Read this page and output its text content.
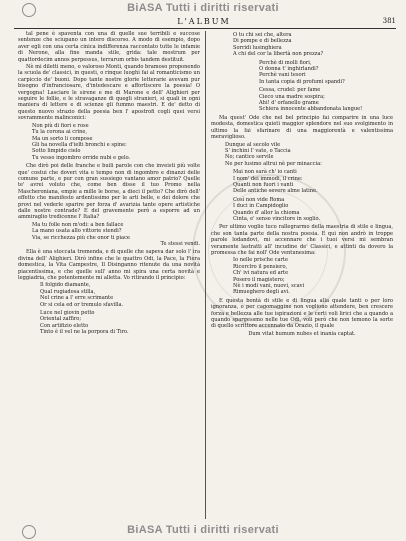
BiASA Tutti i diritti riservati
L'ALBUM	381

tal pene è spaventa con una di quelle sue terribili e succose sentenze che sciupano un intero discorso. A modo di esempio, dopo aver egli con una certa cinica indifferenza raccontato tutte le infamie di Nerone, alla fine manda stile, grida: tale mostrum per quattordecim annos perpessus, terrarum orbis tandem destituit.

Nè mi diletti meno, o valoroso Monti, quando bramoso proponendo la scuola de' classici, in questi, o rinque luoghi fai al romanticismo un carpiccio de' buoni. Dopo tante nostre glorie letterarie avevam pur bisogno d'infranciosare, d'intedescare e affortiscere la poesia! O vergogna! Lasciare le sirene e me di Marone e dell' Alighieri per seguire le follie, e le stravaganze di quegli stranieri, si quali in ogni maniera di lettere e di scienze gli fummo maestri. E de' detto di questo nuovo strazio della poesia ben l' apostrofi cogli quei versi sovrammente malinconici:

Non più di fiori e rose
Tu la corona ai crine,
Ma un sorto li compose
Gli ha novella d'ielti bronchi e spine:
Sotto limpido cielo
Tu vesso ingombro orride nubi e gelo.

Che dirò poi delle franche e buili parole con che inveisti più volte que' costui che doveri vita e tempo non di ingombro e dinanzi delle comune parte, e pur con gran sussiego vantano amor patrio? Quelle te' avrei voluto che, come ben disse il tuo Promo nella Mascheroniana, empie a mille le borse, a dieci il petto? Che dirò dell' effetto che manifesto ardentissimo per le arti belle, e dei dolore che provi nel vederle sparire per forza d' avarizia tante opere artistiche dalle nostre contrade? E del gravemente però a esporre ad un ammiraglio tredicenne l' Italia?

Ma tu folle non m'odi: a ben fallace
La mano usata allo vittorie stendi?
Via, se ricchezza più che onor ti piace
Te stessi vendi.

Ella è una stoccata tremenda, e di quelle che sapeva dar solo l' ira divina dell' Alighieri. Dirò infine che le quattro Odi, la Pace, la Fiera domestica, la Vita Campestre, Il Disinganno ritenute da una novità piacentissima, e che quelle sull' anno mi spira una certa novità e leggiadria, che potentemente mi alletta. Vo ritirando il principio:

Il folgido diamante,
Qual rugiadosa stilla,
Nel crine a l' erre scrimante
Or si cela ed or tremulo sfavilla.
Luce nel giovin petto
Oriental zaffiro;
Con artifizio eletto
Tinto è il vel ne la porpora di Tiro.
O tu chi sei che, altera
Di pompe e di bellezza
Sorridi lusinghiera
A chi del cor la libertà non prezza?
Perchè di molli fiori,
O donna t' inghirlandi?
Perchè vani tesori
In tanta copia di profumi spandi?
Cessa, crudel: per fame
Cieco una madre sospira;
Ahi! d' orfanello grame
Schiera innocente abbandonata langue!

Ma quest' Ode che nel bel principio fai comparire in una luce modesta, domestica quieti maggior splendore nel suo svolgimento in ultimo la fai sfarinare di una maggiorentà e valentissima meraviglioso.

Dunque al secolo vile
S' inchini l' vate, o Taccia
No; cantico servile
Ne per lusimo altrui nè per minaccia:
Mai non sarà ch' io canti
I nom' dei immodi, il crine:
Quanti non fuori i vanti
Delle antiche severe alme latine.
Così non vide Roma
I duci in Campidoglio
Quando d' allor la chioma
Cinta, e' senso vincitore in soglio.

Per ultimo voglio tuco rallegrarmo della maestria di stile e lingua, che son tanta parte della nostra poesia. E qui non andrò in troppe parole lodandovi, mi accennare che i tuoi versi mi sembran veramente lastratti all' incudine de' Classici, e attinti da dovero la promessa che fai noll' Ode ventunesima:

Io nelle prische carte
Ricerclro il pensiero,
Ch' ivi natura ed arte
Posero il magistero;
Nè i modi vani, nuovi, scavi
Rimueghero degli avi.

E questa bontà di stile e di lingua alla quale tanti o per loro ignoranza, o per cagomaggine non vogliono attendere, ben crescere forza e bellezza alle tue ispirazioni e le certi voli lirici che a quando a quando spargessmo nelle tue Odi, voli però che non temono la sorte di quello scrittore accennato da Orazio, il quale

Dum vitat humum nubes et inania captat.

BiASA Tutti i diritti riservati
